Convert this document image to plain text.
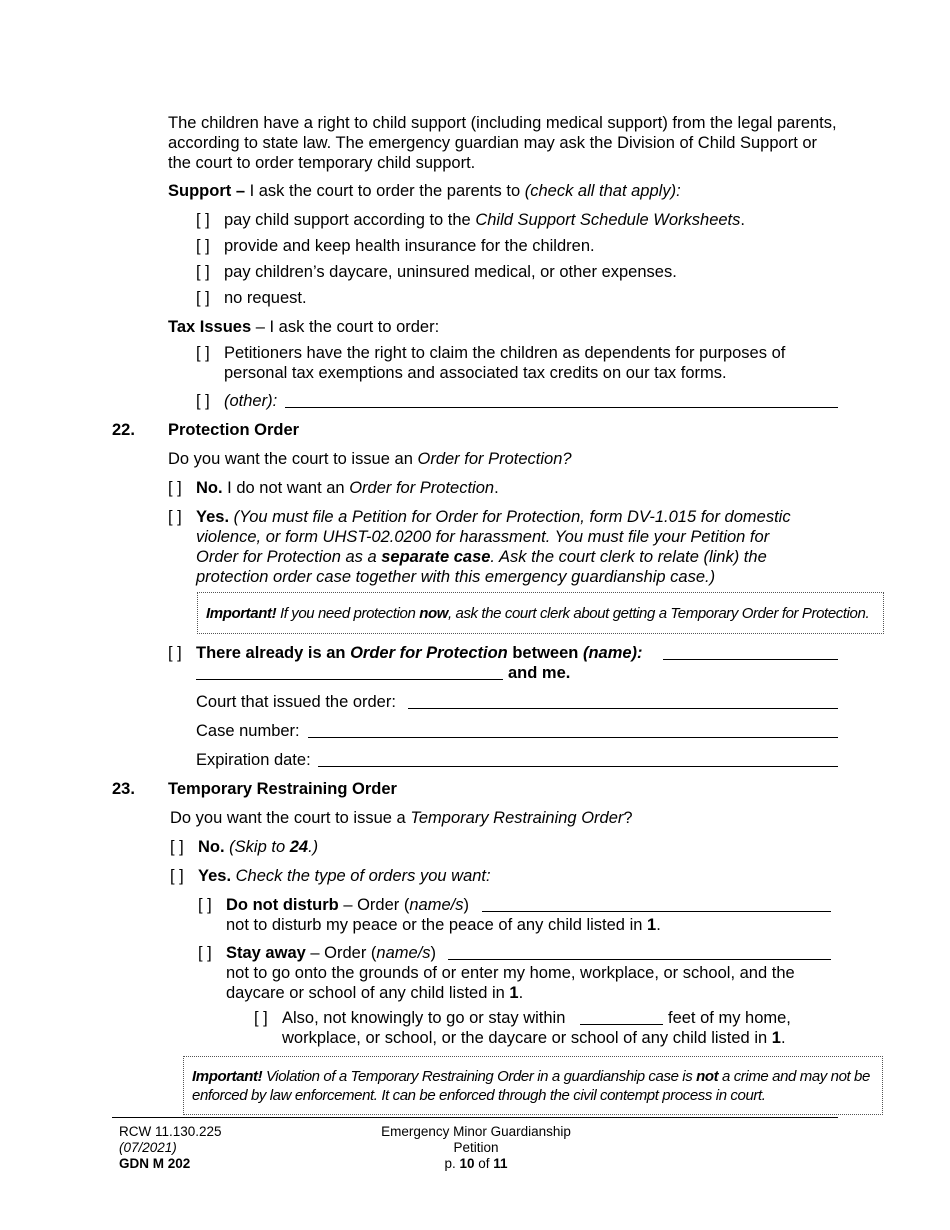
The children have a right to child support (including medical support) from the legal parents,
according to state law. The emergency guardian may ask the Division of Child Support or
the court to order temporary child support.
Support – I ask the court to order the parents to (check all that apply):
[ ] pay child support according to the Child Support Schedule Worksheets.
[ ] provide and keep health insurance for the children.
[ ] pay children’s daycare, uninsured medical, or other expenses.
[ ] no request.
Tax Issues – I ask the court to order:
[ ] Petitioners have the right to claim the children as dependents for purposes of
personal tax exemptions and associated tax credits on our tax forms.
[ ] (other):
22. Protection Order
Do you want the court to issue an Order for Protection?
[ ] No. I do not want an Order for Protection.
[ ] Yes. (You must file a Petition for Order for Protection, form DV-1.015 for domestic
violence, or form UHST-02.0200 for harassment. You must file your Petition for
Order for Protection as a separate case. Ask the court clerk to relate (link) the
protection order case together with this emergency guardianship case.)
Important! If you need protection now, ask the court clerk about getting a Temporary Order for Protection.
[ ] There already is an Order for Protection between (name):
and me.
Court that issued the order:
Case number:
Expiration date:
23. Temporary Restraining Order
Do you want the court to issue a Temporary Restraining Order?
[ ] No. (Skip to 24.)
[ ] Yes. Check the type of orders you want:
[ ] Do not disturb – Order (name/s)
not to disturb my peace or the peace of any child listed in 1.
[ ] Stay away – Order (name/s)
not to go onto the grounds of or enter my home, workplace, or school, and the
daycare or school of any child listed in 1.
[ ] Also, not knowingly to go or stay within	feet of my home,
workplace, or school, or the daycare or school of any child listed in 1.
Important! Violation of a Temporary Restraining Order in a guardianship case is not a crime and may not be
enforced by law enforcement. It can be enforced through the civil contempt process in court.
RCW 11.130.225
(07/2021)
GDN M 202
Emergency Minor Guardianship
Petition
p. 10 of 11
